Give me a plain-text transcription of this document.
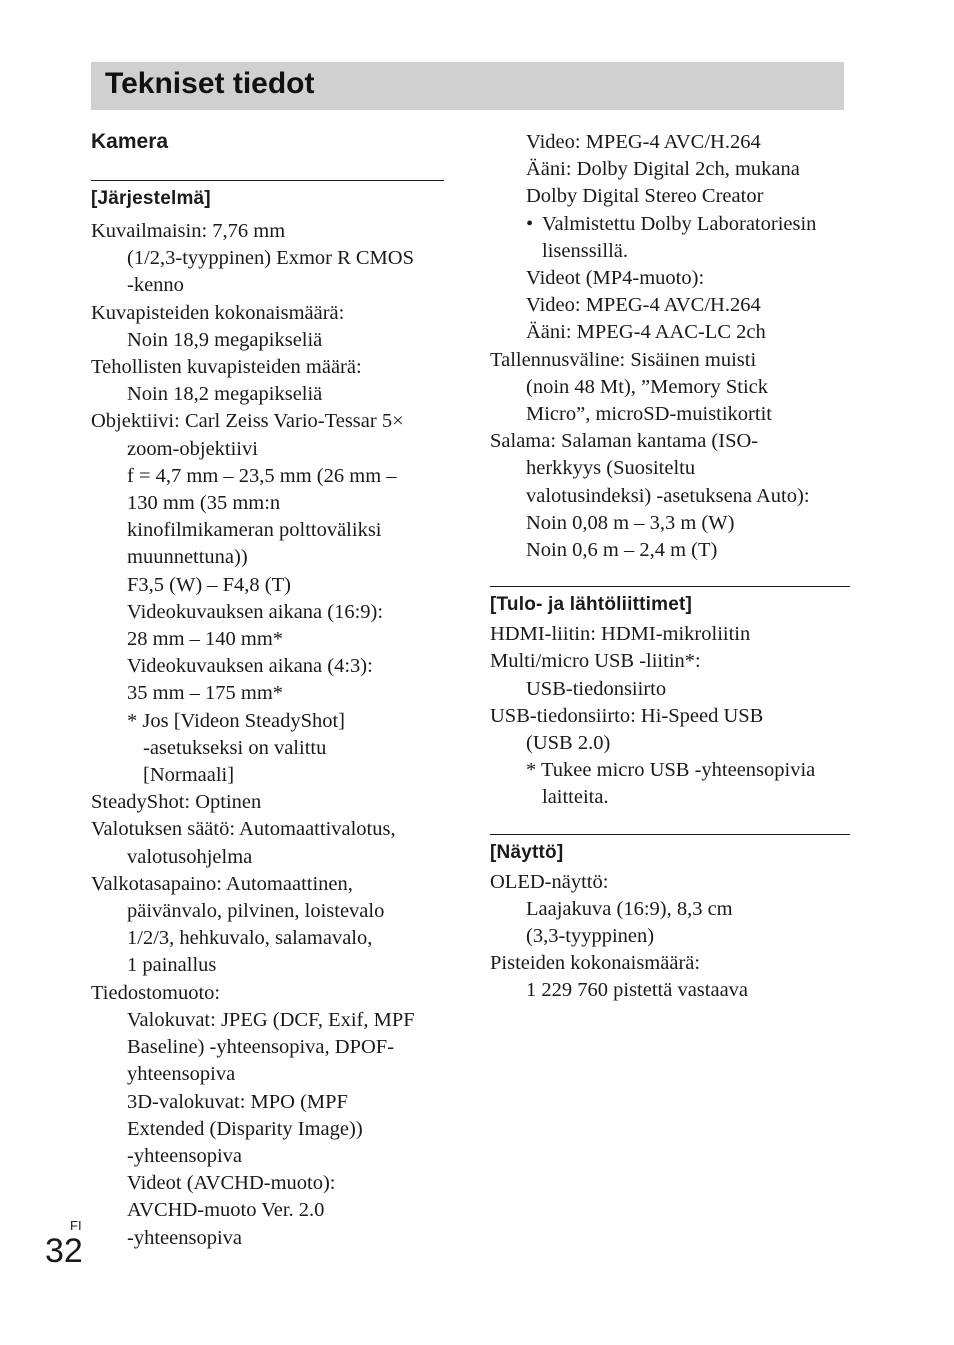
Tekniset tiedot
Kamera
[Järjestelmä]
Kuvailmaisin: 7,76 mm
(1/2,3-tyyppinen) Exmor R CMOS
-kenno
Kuvapisteiden kokonaismäärä:
Noin 18,9 megapikseliä
Tehollisten kuvapisteiden määrä:
Noin 18,2 megapikseliä
Objektiivi: Carl Zeiss Vario-Tessar 5×
zoom-objektiivi
f = 4,7 mm – 23,5 mm (26 mm –
130 mm (35 mm:n
kinofilmikameran polttoväliksi
muunnettuna))
F3,5 (W) – F4,8 (T)
Videokuvauksen aikana (16:9):
28 mm – 140 mm*
Videokuvauksen aikana (4:3):
35 mm – 175 mm*
* Jos [Videon SteadyShot]
-asetukseksi on valittu
[Normaali]
SteadyShot: Optinen
Valotuksen säätö: Automaattivalotus,
valotusohjelma
Valkotasapaino: Automaattinen,
päivänvalo, pilvinen, loistevalo
1/2/3, hehkuvalo, salamavalo,
1 painallus
Tiedostomuoto:
Valokuvat: JPEG (DCF, Exif, MPF
Baseline) -yhteensopiva, DPOF-
yhteensopiva
3D-valokuvat: MPO (MPF
Extended (Disparity Image))
-yhteensopiva
Videot (AVCHD-muoto):
AVCHD-muoto Ver. 2.0
-yhteensopiva
Video: MPEG-4 AVC/H.264
Ääni: Dolby Digital 2ch, mukana
Dolby Digital Stereo Creator
• Valmistettu Dolby Laboratoriesin
lisenssillä.
Videot (MP4-muoto):
Video: MPEG-4 AVC/H.264
Ääni: MPEG-4 AAC-LC 2ch
Tallennusväline: Sisäinen muisti
(noin 48 Mt), ”Memory Stick
Micro”, microSD-muistikortit
Salama: Salaman kantama (ISO-
herkkyys (Suositeltu
valotusindeksi) -asetuksena Auto):
Noin 0,08 m – 3,3 m (W)
Noin 0,6 m – 2,4 m (T)
[Tulo- ja lähtöliittimet]
HDMI-liitin: HDMI-mikroliitin
Multi/micro USB -liitin*:
USB-tiedonsiirto
USB-tiedonsiirto: Hi-Speed USB
(USB 2.0)
* Tukee micro USB -yhteensopivia
laitteita.
[Näyttö]
OLED-näyttö:
Laajakuva (16:9), 8,3 cm
(3,3-tyyppinen)
Pisteiden kokonaismäärä:
1 229 760 pistettä vastaava
FI
32
